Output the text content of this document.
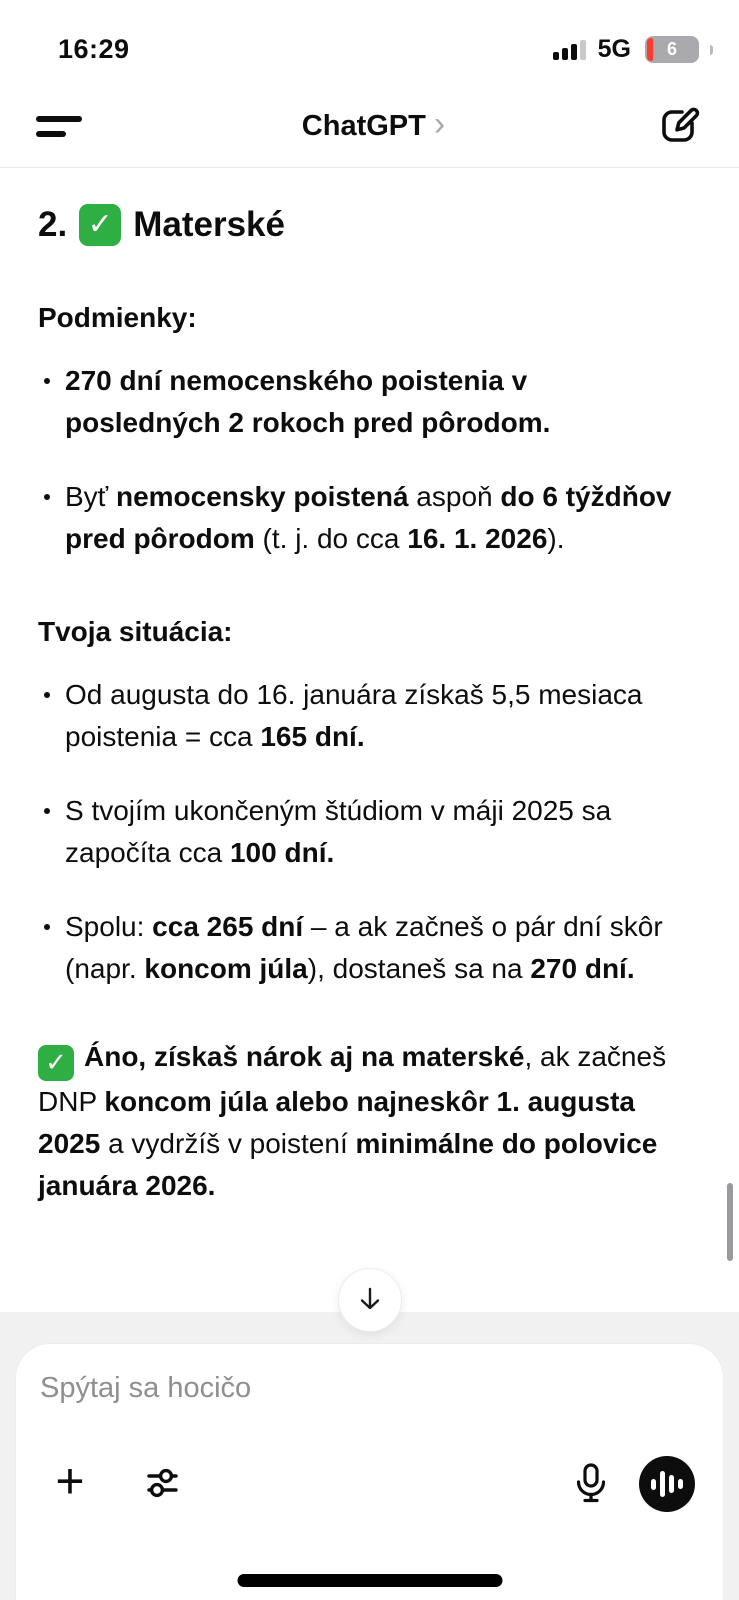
16:29	5G 6
ChatGPT ›
2. ✓ Materské

Podmienky:

270 dní nemocenského poistenia v posledných 2 rokoch pred pôrodom.
Byť nemocensky poistená aspoň do 6 týždňov pred pôrodom (t. j. do cca 16. 1. 2026).

Tvoja situácia:

Od augusta do 16. januára získaš 5,5 mesiaca poistenia = cca 165 dní.
S tvojím ukončeným štúdiom v máji 2025 sa započíta cca 100 dní.
Spolu: cca 265 dní – a ak začneš o pár dní skôr (napr. koncom júla), dostaneš sa na 270 dní.

✓ Áno, získaš nárok aj na materské, ak začneš DNP koncom júla alebo najneskôr 1. augusta 2025 a vydržíš v poistení minimálne do polovice januára 2026.

Spýtaj sa hocičo
+
